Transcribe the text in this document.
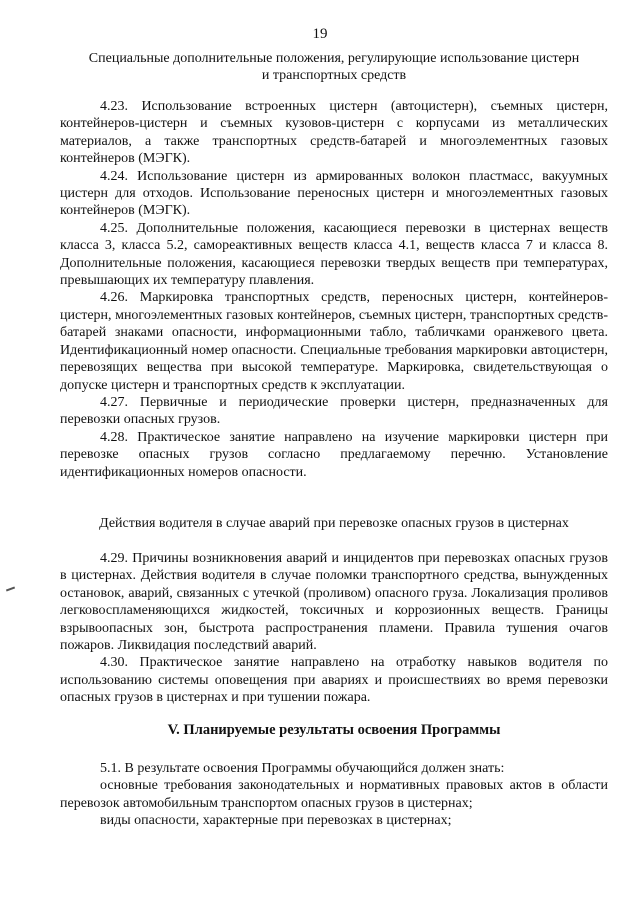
19
Специальные дополнительные положения, регулирующие использование цистерн
и транспортных средств

4.23. Использование встроенных цистерн (автоцистерн), съемных цистерн, контейнеров-цистерн и съемных кузовов-цистерн с корпусами из металлических материалов, а также транспортных средств-батарей и многоэлементных газовых контейнеров (МЭГК).

4.24. Использование цистерн из армированных волокон пластмасс, вакуумных цистерн для отходов. Использование переносных цистерн и многоэлементных газовых контейнеров (МЭГК).

4.25. Дополнительные положения, касающиеся перевозки в цистернах веществ класса 3, класса 5.2, самореактивных веществ класса 4.1, веществ класса 7 и класса 8. Дополнительные положения, касающиеся перевозки твердых веществ при температурах, превышающих их температуру плавления.

4.26. Маркировка транспортных средств, переносных цистерн, контейнеров-цистерн, многоэлементных газовых контейнеров, съемных цистерн, транспортных средств-батарей знаками опасности, информационными табло, табличками оранжевого цвета. Идентификационный номер опасности. Специальные требования маркировки автоцистерн, перевозящих вещества при высокой температуре. Маркировка, свидетельствующая о допуске цистерн и транспортных средств к эксплуатации.

4.27. Первичные и периодические проверки цистерн, предназначенных для перевозки опасных грузов.

4.28. Практическое занятие направлено на изучение маркировки цистерн при перевозке опасных грузов согласно предлагаемому перечню. Установление идентификационных номеров опасности.

Действия водителя в случае аварий при перевозке опасных грузов в цистернах

4.29. Причины возникновения аварий и инцидентов при перевозках опасных грузов в цистернах. Действия водителя в случае поломки транспортного средства, вынужденных остановок, аварий, связанных с утечкой (проливом) опасного груза. Локализация проливов легковоспламеняющихся жидкостей, токсичных и коррозионных веществ. Границы взрывоопасных зон, быстрота распространения пламени. Правила тушения очагов пожаров. Ликвидация последствий аварий.

4.30. Практическое занятие направлено на отработку навыков водителя по использованию системы оповещения при авариях и происшествиях во время перевозки опасных грузов в цистернах и при тушении пожара.

V. Планируемые результаты освоения Программы

5.1. В результате освоения Программы обучающийся должен знать:

основные требования законодательных и нормативных правовых актов в области перевозок автомобильным транспортом опасных грузов в цистернах;

виды опасности, характерные при перевозках в цистернах;
